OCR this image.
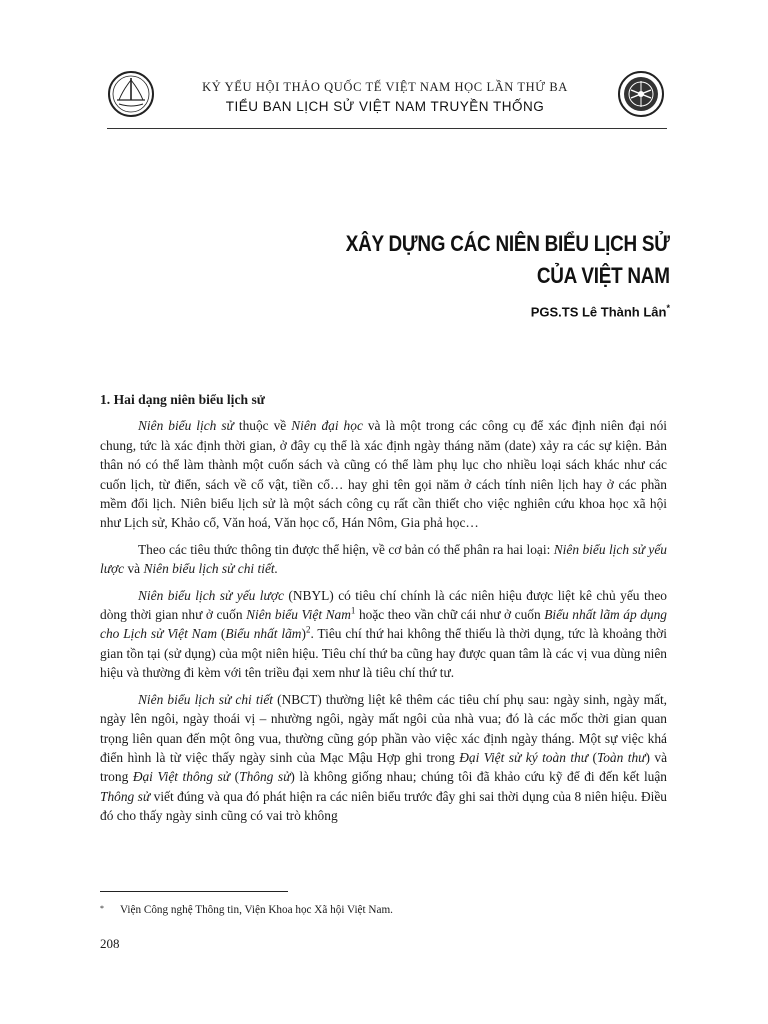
KỶ YẾU HỘI THẢO QUỐC TẾ VIỆT NAM HỌC LẦN THỨ BA
TIỂU BAN LỊCH SỬ VIỆT NAM TRUYỀN THỐNG
XÂY DỰNG CÁC NIÊN BIỂU LỊCH SỬ
CỦA VIỆT NAM
PGS.TS Lê Thành Lân*
1. Hai dạng niên biểu lịch sử

Niên biểu lịch sử thuộc về Niên đại học và là một trong các công cụ để xác định niên đại nói chung, tức là xác định thời gian, ở đây cụ thể là xác định ngày tháng năm (date) xảy ra các sự kiện. Bản thân nó có thể làm thành một cuốn sách và cũng có thể làm phụ lục cho nhiều loại sách khác như các cuốn lịch, từ điển, sách về cổ vật, tiền cổ… hay ghi tên gọi năm ở cách tính niên lịch hay ở các phần mềm đổi lịch. Niên biểu lịch sử là một sách công cụ rất cần thiết cho việc nghiên cứu khoa học xã hội như Lịch sử, Khảo cổ, Văn hoá, Văn học cổ, Hán Nôm, Gia phả học…

Theo các tiêu thức thông tin được thể hiện, về cơ bản có thể phân ra hai loại: Niên biểu lịch sử yếu lược và Niên biểu lịch sử chi tiết.

Niên biểu lịch sử yếu lược (NBYL) có tiêu chí chính là các niên hiệu được liệt kê chủ yếu theo dòng thời gian như ở cuốn Niên biểu Việt Nam$^1$ hoặc theo vần chữ cái như ở cuốn Biểu nhất lãm áp dụng cho Lịch sử Việt Nam (Biểu nhất lãm)$^2$. Tiêu chí thứ hai không thể thiếu là thời dụng, tức là khoảng thời gian tồn tại (sử dụng) của một niên hiệu. Tiêu chí thứ ba cũng hay được quan tâm là các vị vua dùng niên hiệu và thường đi kèm với tên triều đại xem như là tiêu chí thứ tư.

Niên biểu lịch sử chi tiết (NBCT) thường liệt kê thêm các tiêu chí phụ sau: ngày sinh, ngày mất, ngày lên ngôi, ngày thoái vị – nhường ngôi, ngày mất ngôi của nhà vua; đó là các mốc thời gian quan trọng liên quan đến một ông vua, thường cũng góp phần vào việc xác định ngày tháng. Một sự việc khá điển hình là từ việc thấy ngày sinh của Mạc Mậu Hợp ghi trong Đại Việt sử ký toàn thư (Toàn thư) và trong Đại Việt thông sử (Thông sử) là không giống nhau; chúng tôi đã khảo cứu kỹ để đi đến kết luận Thông sử viết đúng và qua đó phát hiện ra các niên biểu trước đây ghi sai thời dụng của 8 niên hiệu. Điều đó cho thấy ngày sinh cũng có vai trò không

* Viện Công nghệ Thông tin, Viện Khoa học Xã hội Việt Nam.
208
